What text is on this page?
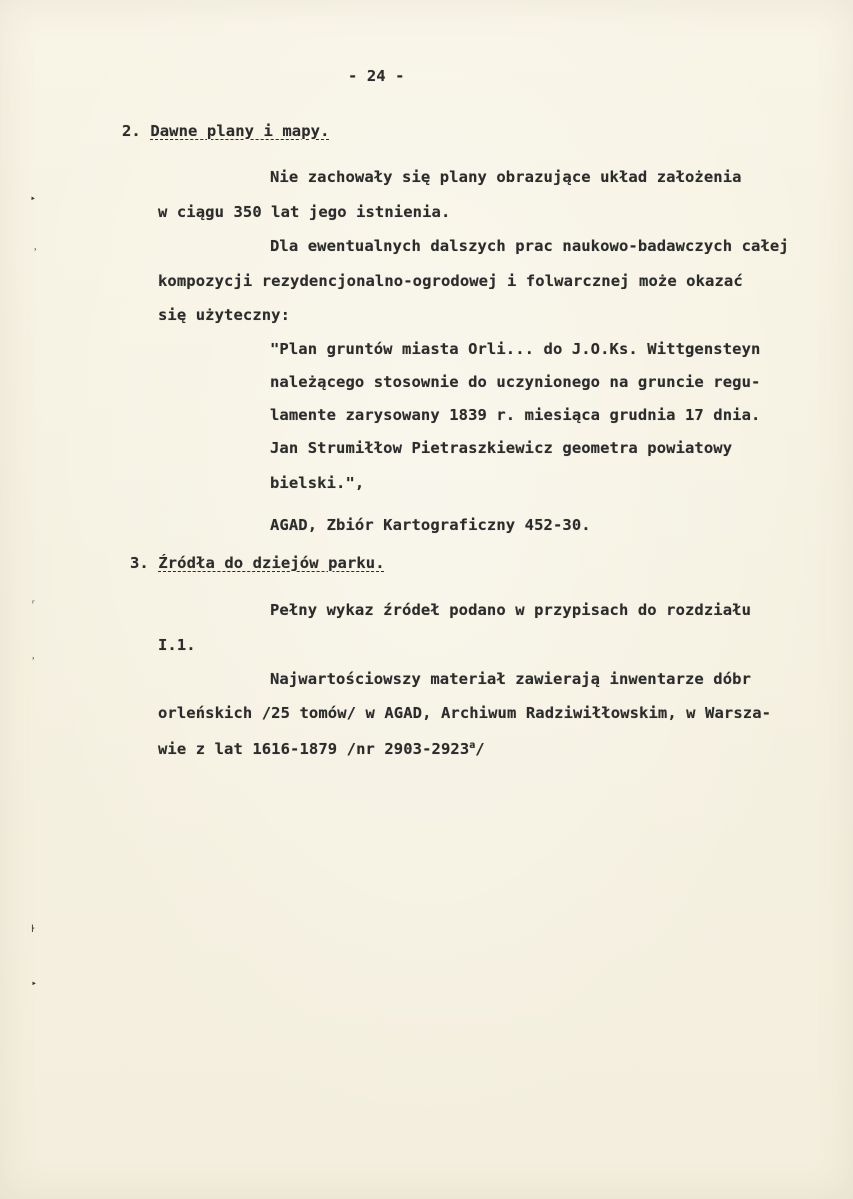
‣
˒
ʳ
˒
ŀ
‣
- 24 -
2. Dawne plany i mapy.
Nie zachowały się plany obrazujące układ założenia
w ciągu 350 lat jego istnienia.
Dla ewentualnych dalszych prac naukowo-badawczych całej
kompozycji rezydencjonalno-ogrodowej i folwarcznej może okazać
się użyteczny:
"Plan gruntów miasta Orli... do J.O.Ks. Wittgensteyn
należącego stosownie do uczynionego na gruncie regu-
lamente zarysowany 1839 r. miesiąca grudnia 17 dnia.
Jan Strumiłłow Pietraszkiewicz geometra powiatowy
bielski.",
AGAD, Zbiór Kartograficzny 452-30.
3. Źródła do dziejów parku.
Pełny wykaz źródeł podano w przypisach do rozdziału
I.1.
Najwartościowszy materiał zawierają inwentarze dóbr
orleńskich /25 tomów/ w AGAD, Archiwum Radziwiłłowskim, w Warsza-
wie z lat 1616-1879 /nr 2903-2923$^a$/
